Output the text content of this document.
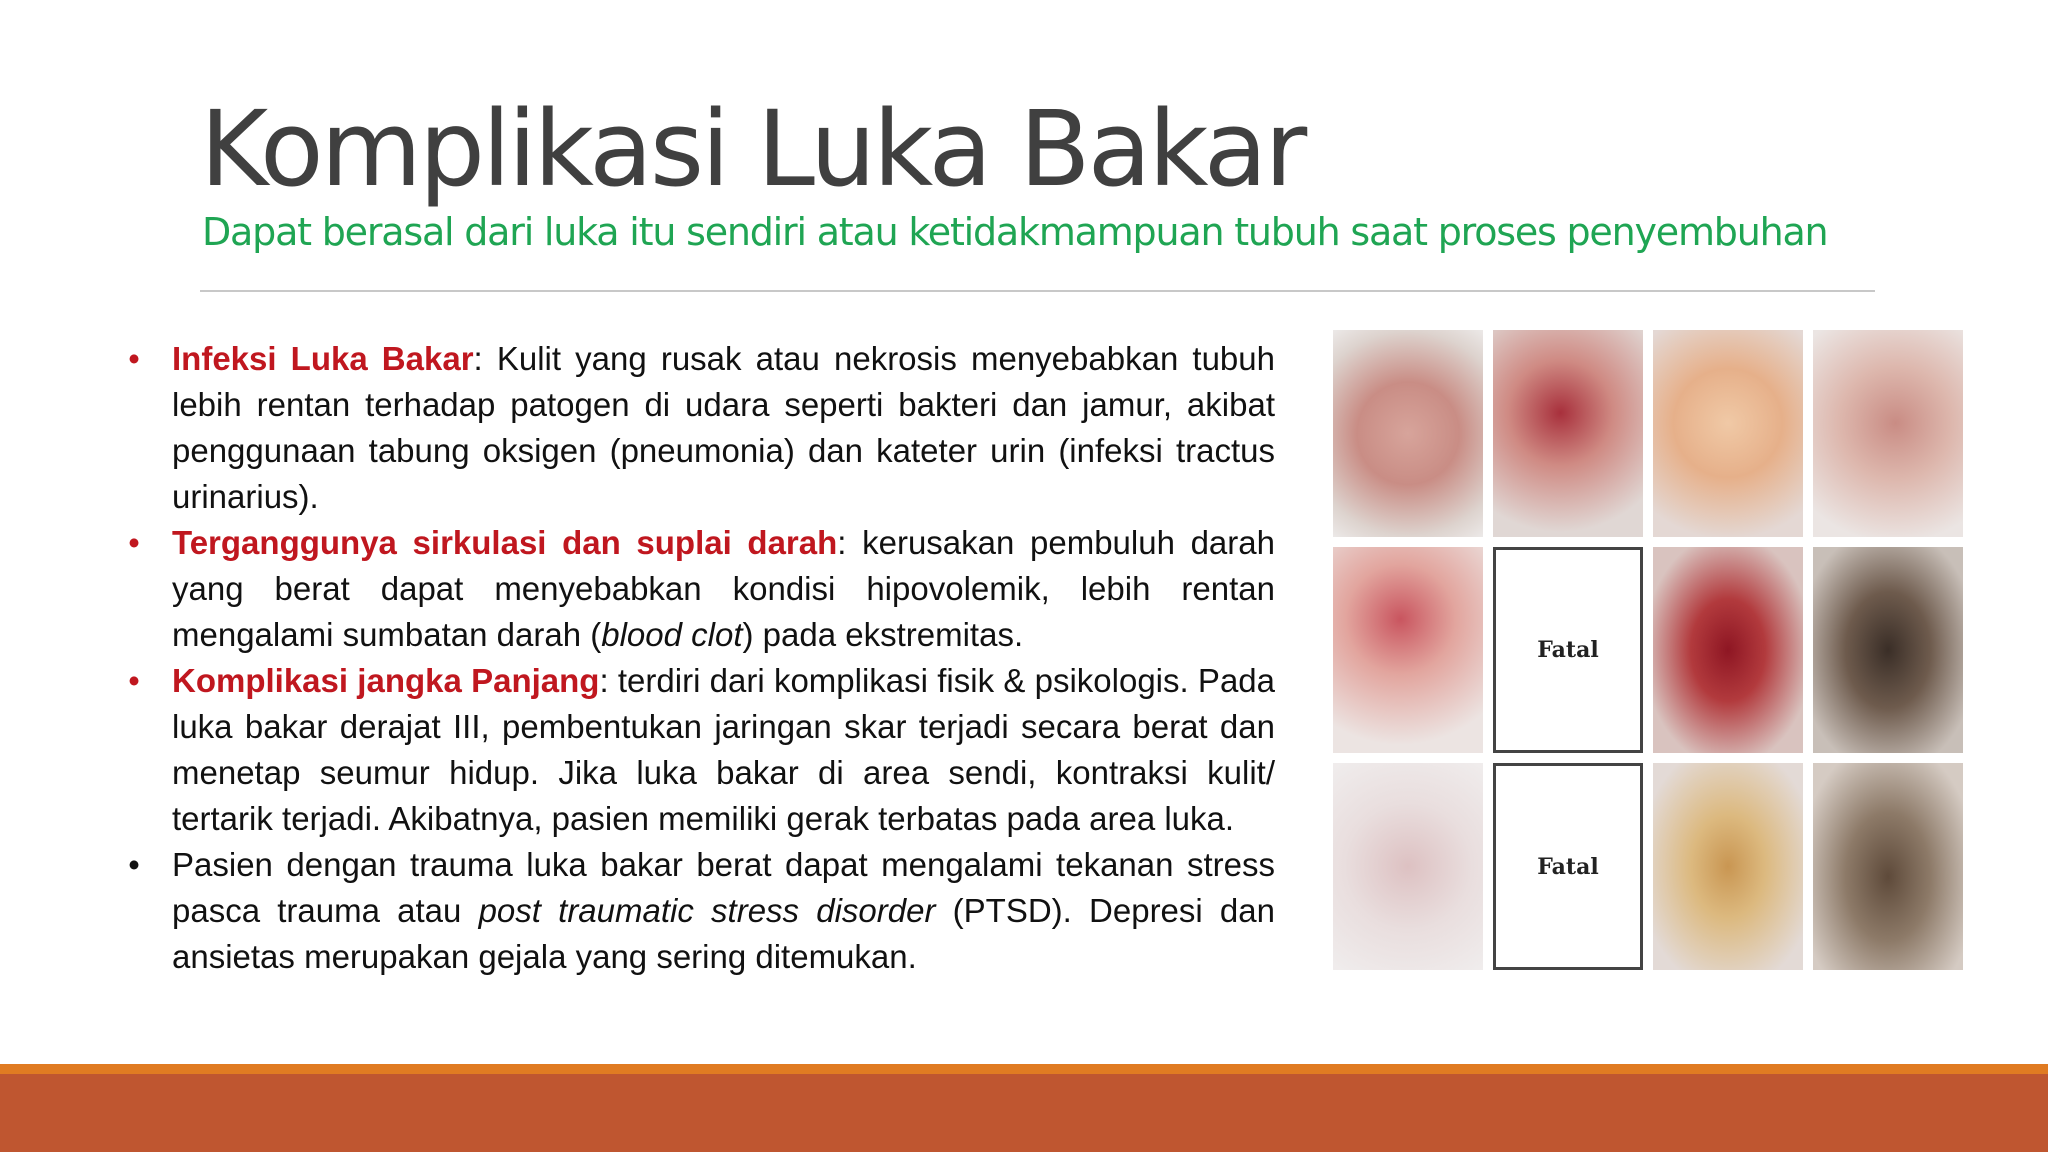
Komplikasi Luka Bakar
Dapat berasal dari luka itu sendiri atau ketidakmampuan tubuh saat proses penyembuhan
• Infeksi Luka Bakar: Kulit yang rusak atau nekrosis menyebabkan tubuh lebih rentan terhadap patogen di udara seperti bakteri dan jamur, akibat penggunaan tabung oksigen (pneumonia) dan kateter urin (infeksi tractus urinarius).
• Terganggunya sirkulasi dan suplai darah: kerusakan pembuluh darah yang berat dapat menyebabkan kondisi hipovolemik, lebih rentan mengalami sumbatan darah (blood clot) pada ekstremitas.
• Komplikasi jangka Panjang: terdiri dari komplikasi fisik & psikologis. Pada luka bakar derajat III, pembentukan jaringan skar terjadi secara berat dan menetap seumur hidup. Jika luka bakar di area sendi, kontraksi kulit/ tertarik terjadi. Akibatnya, pasien memiliki gerak terbatas pada area luka.
• Pasien dengan trauma luka bakar berat dapat mengalami tekanan stress pasca trauma atau post traumatic stress disorder (PTSD). Depresi dan ansietas merupakan gejala yang sering ditemukan.
Fatal
Fatal
